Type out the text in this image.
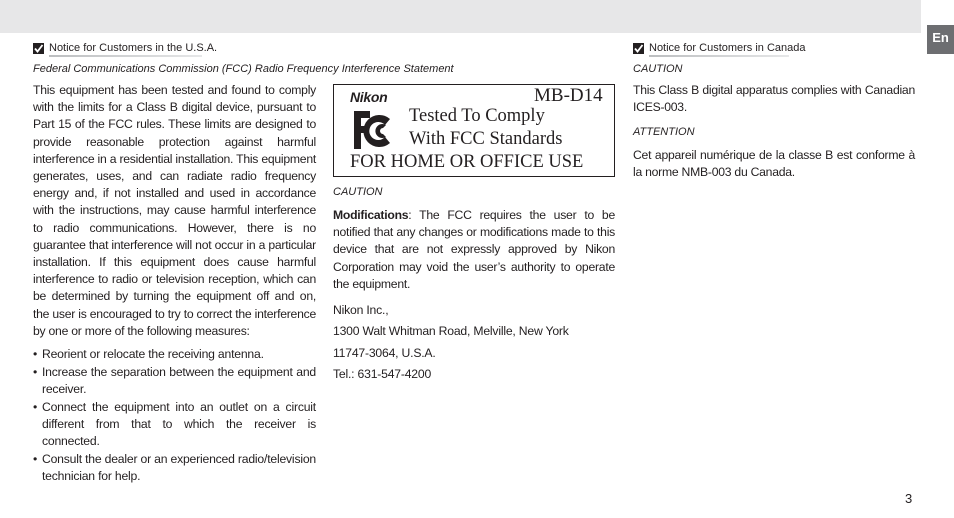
En
Notice for Customers in the U.S.A.
Federal Communications Commission (FCC) Radio Frequency Interference Statement
This equipment has been tested and found to comply with the limits for a Class B digital device, pursuant to Part 15 of the FCC rules. These limits are designed to provide reasonable protection against harmful interference in a residential installation. This equipment generates, uses, and can radiate radio frequency energy and, if not installed and used in accordance with the instructions, may cause harmful interference to radio communications. However, there is no guarantee that interference will not occur in a particular installation. If this equipment does cause harmful interference to radio or television reception, which can be determined by turning the equipment off and on, the user is encouraged to try to correct the interference by one or more of the following measures:
• Reorient or relocate the receiving antenna.
• Increase the separation between the equipment and receiver.
• Connect the equipment into an outlet on a circuit different from that to which the receiver is connected.
• Consult the dealer or an experienced radio/television technician for help.
Nikon	MB-D14
Tested To Comply
With FCC Standards
FOR HOME OR OFFICE USE
CAUTION
Modifications: The FCC requires the user to be notified that any changes or modifications made to this device that are not expressly approved by Nikon Corporation may void the user’s authority to operate the equipment.
Nikon Inc.,
1300 Walt Whitman Road, Melville, New York
11747-3064, U.S.A.
Tel.: 631-547-4200
Notice for Customers in Canada
CAUTION
This Class B digital apparatus complies with Canadian ICES-003.
ATTENTION
Cet appareil numérique de la classe B est conforme à la norme NMB-003 du Canada.
3
